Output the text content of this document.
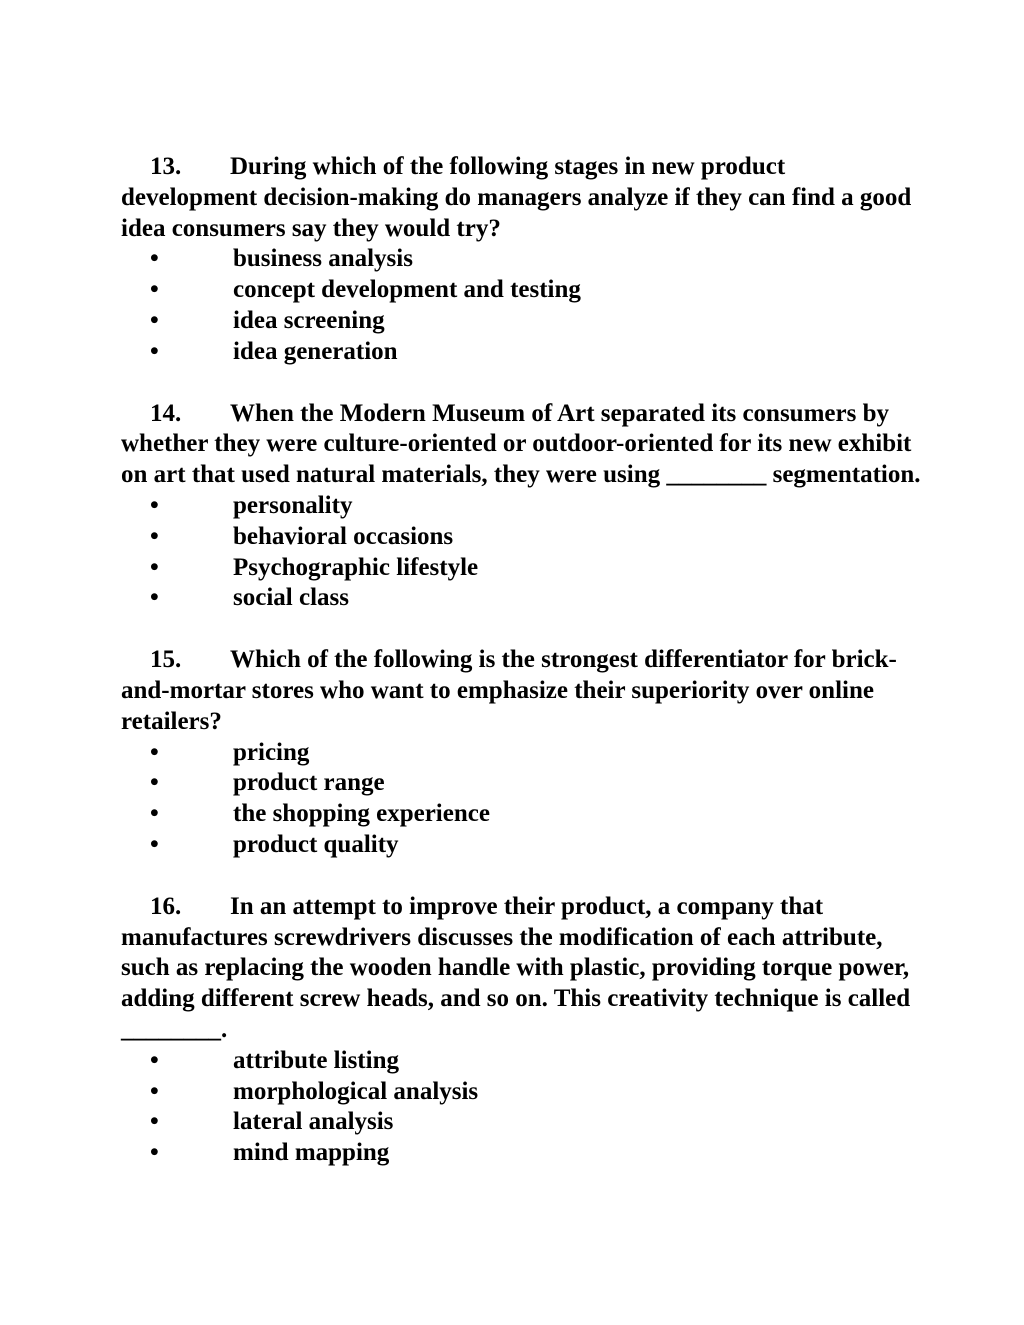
13. During which of the following stages in new product development decision-making do managers analyze if they can find a good idea consumers say they would try?

•	business analysis
•	concept development and testing
•	idea screening
•	idea generation

14. When the Modern Museum of Art separated its consumers by whether they were culture-oriented or outdoor-oriented for its new exhibit on art that used natural materials, they were using ________ segmentation.

•	personality
•	behavioral occasions
•	Psychographic lifestyle
•	social class

15. Which of the following is the strongest differentiator for brick-and-mortar stores who want to emphasize their superiority over online retailers?

•	pricing
•	product range
•	the shopping experience
•	product quality

16. In an attempt to improve their product, a company that manufactures screwdrivers discusses the modification of each attribute, such as replacing the wooden handle with plastic, providing torque power, adding different screw heads, and so on. This creativity technique is called ________.

•	attribute listing
•	morphological analysis
•	lateral analysis
•	mind mapping
